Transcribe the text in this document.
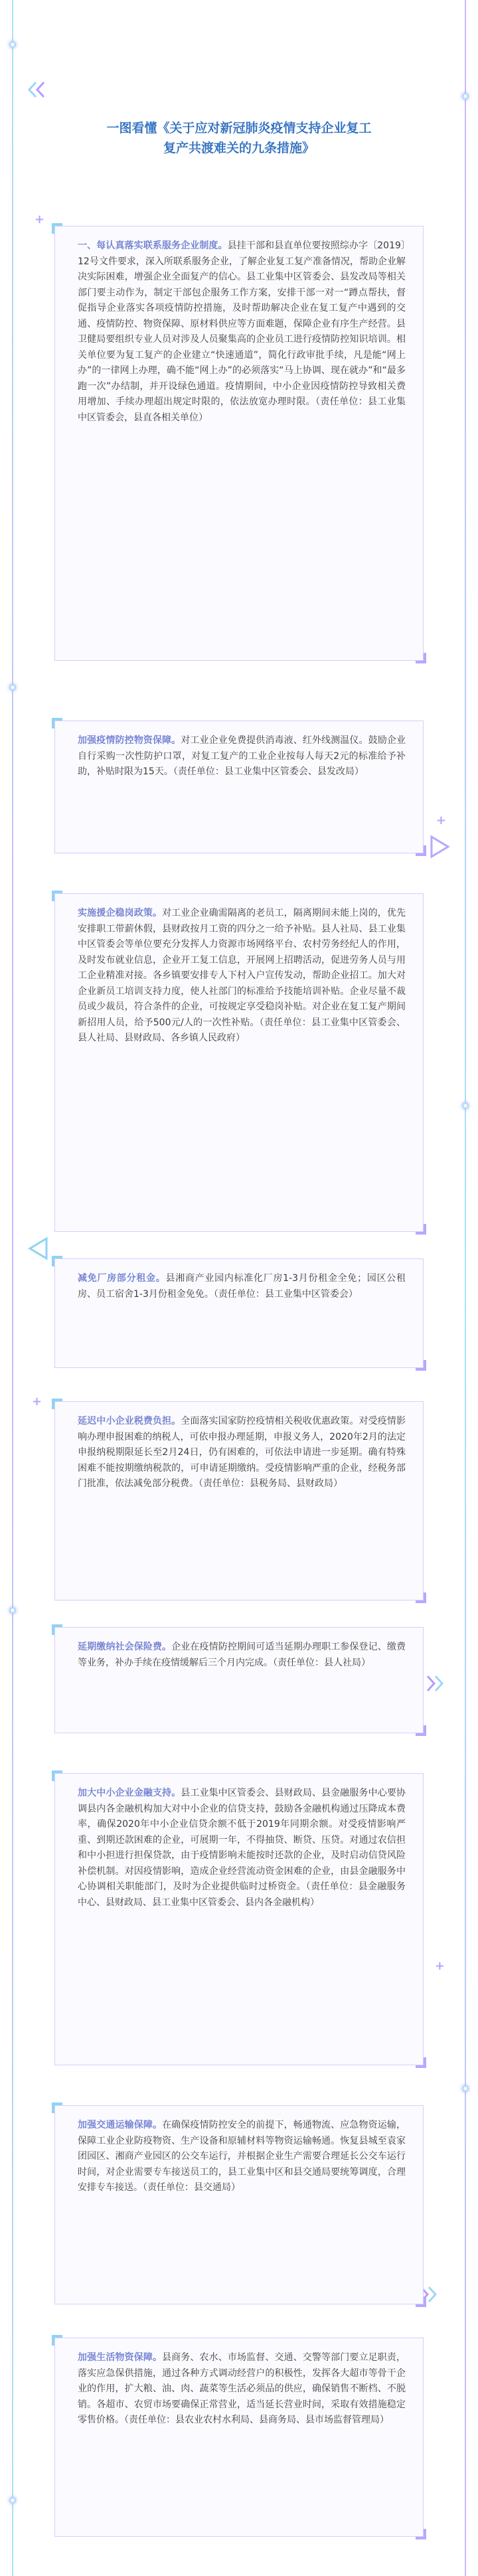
+
+
+
+
一图看懂《关于应对新冠肺炎疫情支持企业复工
复产共渡难关的九条措施》
一、每认真落实联系服务企业制度。县挂干部和县直单位要按照综办字〔2019〕12号文件要求，深入所联系服务企业，了解企业复工复产准备情况，帮助企业解决实际困难，增强企业全面复产的信心。县工业集中区管委会、县发改局等相关部门要主动作为，制定干部包企服务工作方案，安排干部一对一“蹲点帮扶，督促指导企业落实各项疫情防控措施，及时帮助解决企业在复工复产中遇到的交通、疫情防控、物资保障、原材料供应等方面难题，保障企业有序生产经营。县卫健局要组织专业人员对涉及人员聚集高的企业员工进行疫情防控知识培训。相关单位要为复工复产的企业建立“快速通道”，简化行政审批手续，凡是能“网上办”的一律网上办理，确不能“网上办”的必须落实“马上协调、现在就办”和“最多跑一次”办结制，并开设绿色通道。疫情期间，中小企业因疫情防控导致相关费用增加、手续办理超出规定时限的，依法放宽办理时限。（责任单位：县工业集中区管委会，县直各相关单位）
加强疫情防控物资保障。对工业企业免费提供消毒液、红外线测温仪。鼓励企业自行采购一次性防护口罩，对复工复产的工业企业按每人每天2元的标准给予补助，补贴时限为15天。（责任单位：县工业集中区管委会、县发改局）
实施援企稳岗政策。对工业企业确需隔离的老员工，隔离期间未能上岗的，优先安排职工带薪休假，县财政按月工资的四分之一给予补贴。县人社局、县工业集中区管委会等单位要充分发挥人力资源市场网络平台、农村劳务经纪人的作用，及时发布就业信息，企业开工复工信息，开展网上招聘活动，促进劳务人员与用工企业精准对接。各乡镇要安排专人下村入户宣传发动，帮助企业招工。加大对企业新员工培训支持力度，使人社部门的标准给予技能培训补贴。企业尽量不裁员或少裁员，符合条件的企业，可按规定享受稳岗补贴。对企业在复工复产期间新招用人员，给予500元/人的一次性补贴。（责任单位：县工业集中区管委会、县人社局、县财政局、各乡镇人民政府）
减免厂房部分租金。县湘商产业园内标准化厂房1-3月份租金全免；园区公租房、员工宿舍1-3月份租金免免。（责任单位：县工业集中区管委会）
延迟中小企业税费负担。全面落实国家防控疫情相关税收优惠政策。对受疫情影响办理申报困难的纳税人，可依申报办理延期，申报义务人，2020年2月的法定申报纳税期限延长至2月24日，仍有困难的，可依法申请进一步延期。确有特殊困难不能按期缴纳税款的，可申请延期缴纳。受疫情影响严重的企业，经税务部门批准，依法减免部分税费。（责任单位：县税务局、县财政局）
延期缴纳社会保险费。企业在疫情防控期间可适当延期办理职工参保登记、缴费等业务，补办手续在疫情缓解后三个月内完成。（责任单位：县人社局）
加大中小企业金融支持。县工业集中区管委会、县财政局、县金融服务中心要协调县内各金融机构加大对中小企业的信贷支持，鼓励各金融机构通过压降成本费率，确保2020年中小企业信贷余额不低于2019年同期余额。对受疫情影响严重、到期还款困难的企业，可展期一年，不得抽贷、断贷、压贷。对通过农信担和中小担进行担保贷款，由于疫情影响未能按时还款的企业，及时启动信贷风险补偿机制。对因疫情影响，造成企业经营流动资金困难的企业，由县金融服务中心协调相关职能部门，及时为企业提供临时过桥资金。（责任单位：县金融服务中心、县财政局、县工业集中区管委会、县内各金融机构）
加强交通运输保障。在确保疫情防控安全的前提下，畅通物流、应急物资运输，保障工业企业防疫物资、生产设备和原辅材料等物资运输畅通。恢复县城至袁家团园区、湘商产业园区的公交车运行，并根据企业生产需要合理延长公交车运行时间，对企业需要专车接送员工的，县工业集中区和县交通局要统筹调度，合理安排专车接送。（责任单位：县交通局）
加强生活物资保障。县商务、农水、市场监督、交通、交警等部门要立足职责，落实应急保供措施，通过各种方式调动经营户的积极性，发挥各大超市等骨干企业的作用，扩大粮、油、肉、蔬菜等生活必须品的供应，确保销售不断档、不脱销。各超市、农贸市场要确保正常营业，适当延长营业时间，采取有效措施稳定零售价格。（责任单位：县农业农村水利局、县商务局、县市场监督管理局）
